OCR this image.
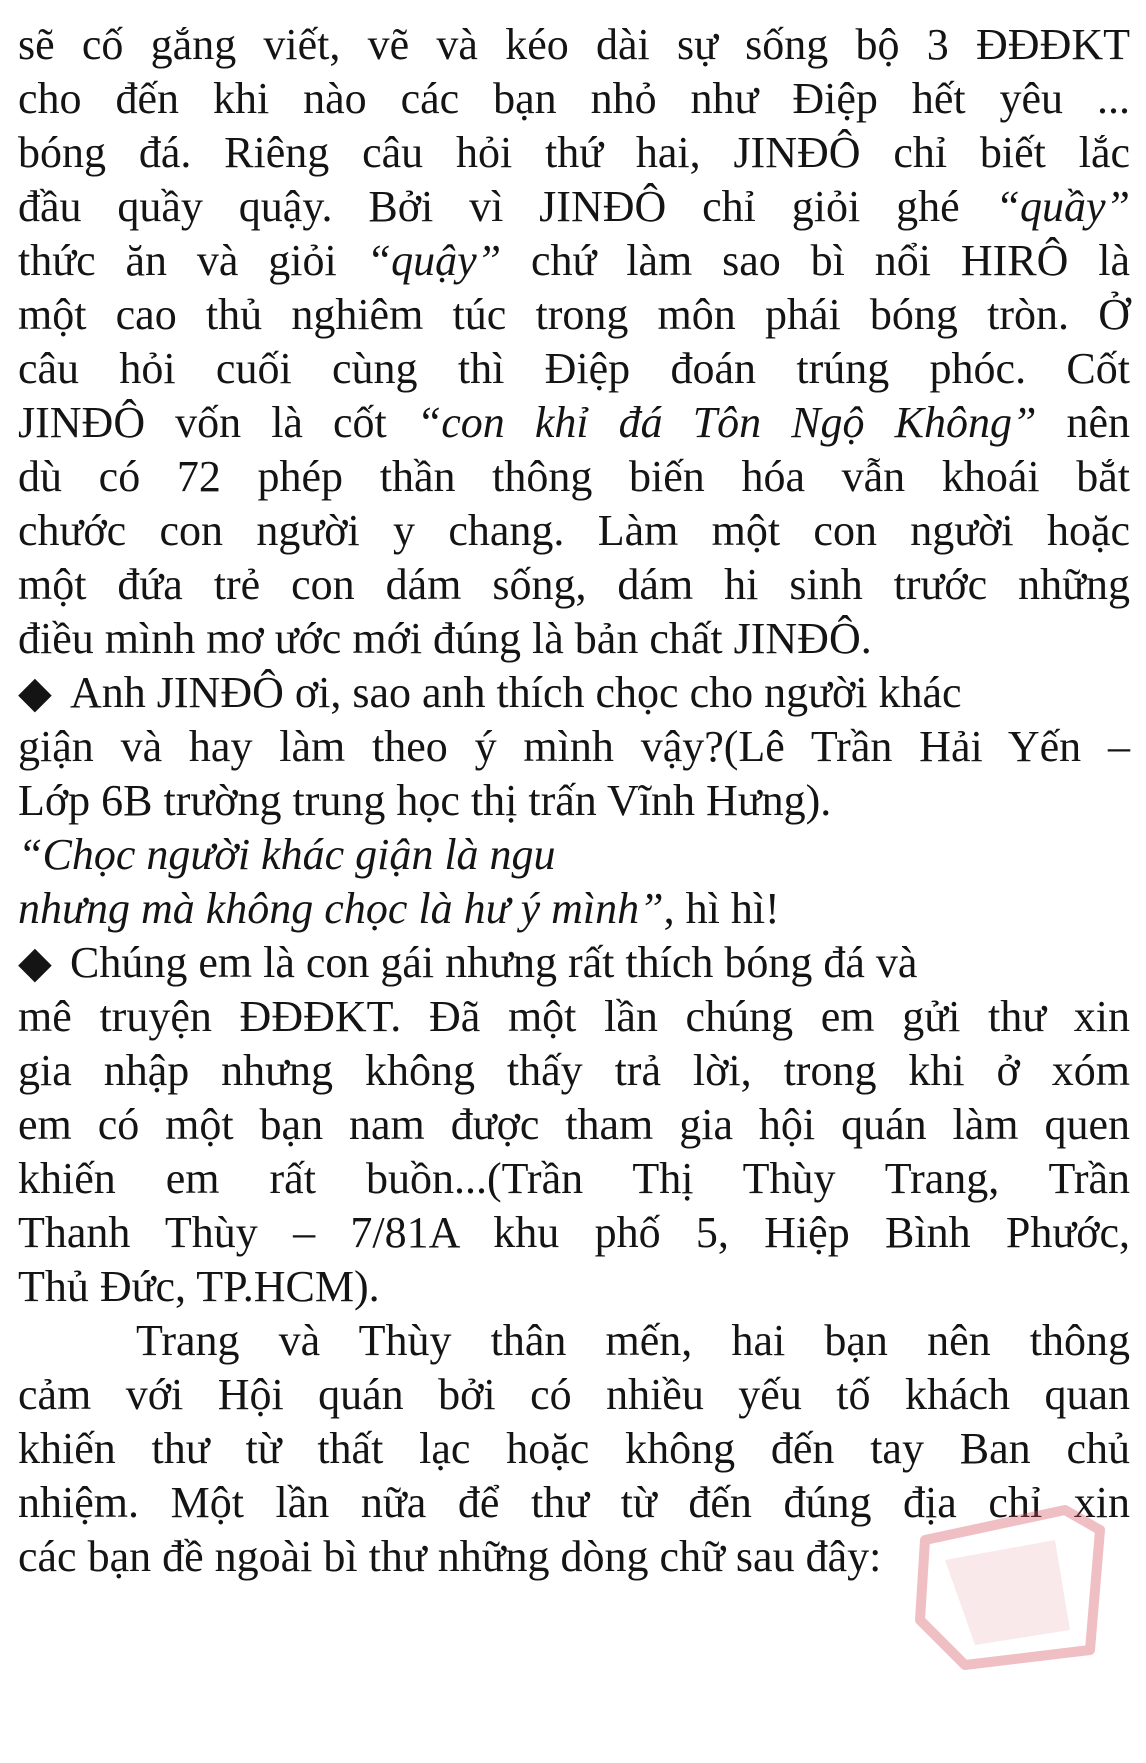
sẽ cố gắng viết, vẽ và kéo dài sự sống bộ 3 ĐĐĐKT
cho đến khi nào các bạn nhỏ như Điệp hết yêu ...
bóng đá. Riêng câu hỏi thứ hai, JINĐÔ chỉ biết lắc
đầu quầy quậy. Bởi vì JINĐÔ chỉ giỏi ghé “quầy”
thức ăn và giỏi “quậy” chứ làm sao bì nổi HIRÔ là
một cao thủ nghiêm túc trong môn phái bóng tròn. Ở
câu hỏi cuối cùng thì Điệp đoán trúng phóc. Cốt
JINĐÔ vốn là cốt “con khỉ đá Tôn Ngộ Không” nên
dù có 72 phép thần thông biến hóa vẫn khoái bắt
chước con người y chang. Làm một con người hoặc
một đứa trẻ con dám sống, dám hi sinh trước những
điều mình mơ ước mới đúng là bản chất JINĐÔ.
◆ Anh JINĐÔ ơi, sao anh thích chọc cho người khác
giận và hay làm theo ý mình vậy?(Lê Trần Hải Yến –
Lớp 6B trường trung học thị trấn Vĩnh Hưng).
“Chọc người khác giận là ngu
nhưng mà không chọc là hư ý mình”, hì hì!
◆ Chúng em là con gái nhưng rất thích bóng đá và
mê truyện ĐĐĐKT. Đã một lần chúng em gửi thư xin
gia nhập nhưng không thấy trả lời, trong khi ở xóm
em có một bạn nam được tham gia hội quán làm quen
khiến em rất buồn...(Trần Thị Thùy Trang, Trần
Thanh Thùy – 7/81A khu phố 5, Hiệp Bình Phước,
Thủ Đức, TP.HCM).
Trang và Thùy thân mến, hai bạn nên thông
cảm với Hội quán bởi có nhiều yếu tố khách quan
khiến thư từ thất lạc hoặc không đến tay Ban chủ
nhiệm. Một lần nữa để thư từ đến đúng địa chỉ xin
các bạn đề ngoài bì thư những dòng chữ sau đây:
